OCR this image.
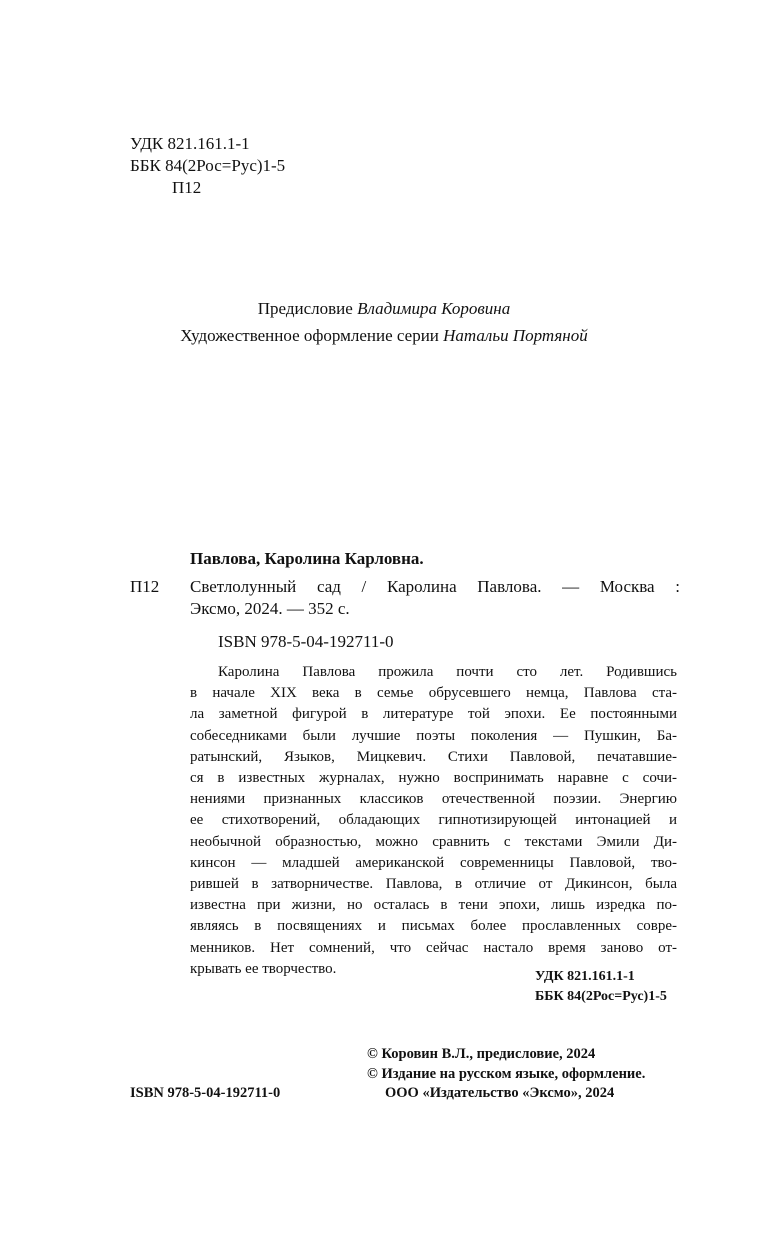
УДК 821.161.1-1
ББК 84(2Рос=Рус)1-5
П12
Предисловие Владимира Коровина
Художественное оформление серии Натальи Портяной
Павлова, Каролина Карловна.
П12 Светлолунный сад / Каролина Павлова. — Москва :
Эксмо, 2024. — 352 с.
ISBN 978-5-04-192711-0
Каролина Павлова прожила почти сто лет. Родившись
в начале XIX века в семье обрусевшего немца, Павлова ста-
ла заметной фигурой в литературе той эпохи. Ее постоянными
собеседниками были лучшие поэты поколения — Пушкин, Ба-
ратынский, Языков, Мицкевич. Стихи Павловой, печатавшие-
ся в известных журналах, нужно воспринимать наравне с сочи-
нениями признанных классиков отечественной поэзии. Энергию
ее стихотворений, обладающих гипнотизирующей интонацией и
необычной образностью, можно сравнить с текстами Эмили Ди-
кинсон — младшей американской современницы Павловой, тво-
рившей в затворничестве. Павлова, в отличие от Дикинсон, была
известна при жизни, но осталась в тени эпохи, лишь изредка по-
являясь в посвящениях и письмах более прославленных совре-
менников. Нет сомнений, что сейчас настало время заново от-
крывать ее творчество.	УДК 821.161.1-1
ББК 84(2Рос=Рус)1-5
© Коровин В.Л., предисловие, 2024
© Издание на русском языке, оформление.
ООО «Издательство «Эксмо», 2024
ISBN 978-5-04-192711-0
